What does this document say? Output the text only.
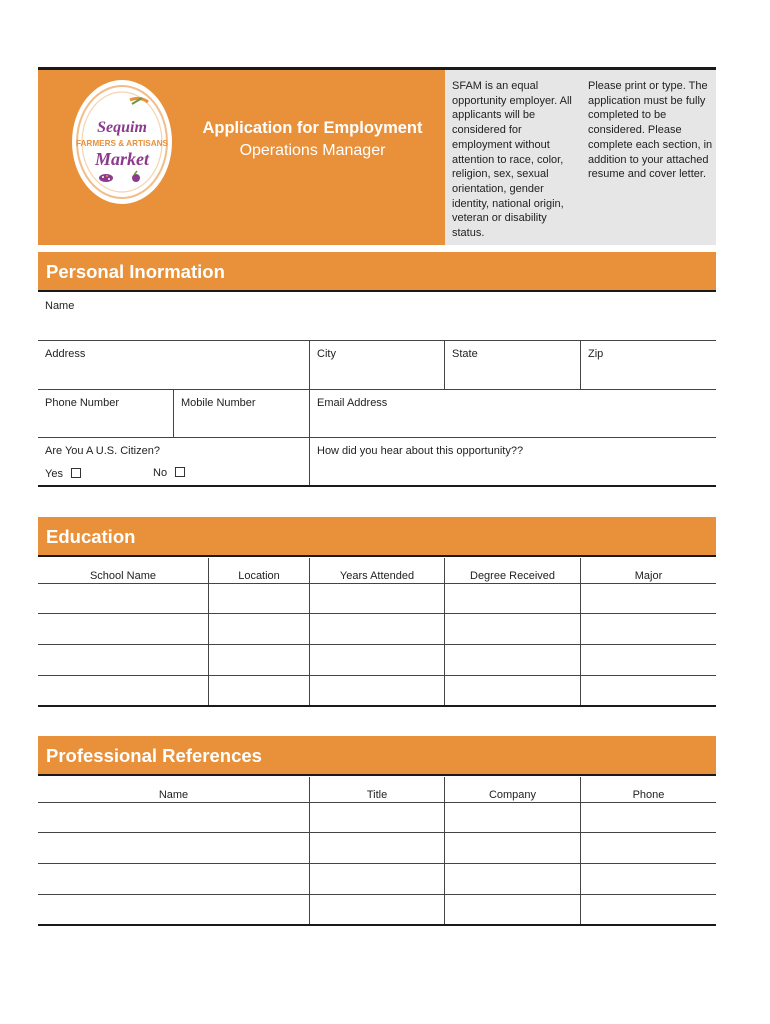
Sequim
FARMERS & ARTISANS
Market
Application for Employment
Operations Manager
SFAM is an equal opportunity employer. All applicants will be considered for employment without attention to race, color, religion, sex, sexual orientation, gender identity, national origin, veteran or disability status.
Please print or type. The application must be fully completed to be considered. Please complete each section, in addition to your attached resume and cover letter.
Personal Inormation
Name
Address	City	State	Zip
Phone Number	Mobile Number	Email Address
Are You A U.S. Citizen?
Yes	No
How did you hear about this opportunity??
Education
School Name	Location	Years Attended	Degree Received	Major
Professional References
Name	Title	Company	Phone
